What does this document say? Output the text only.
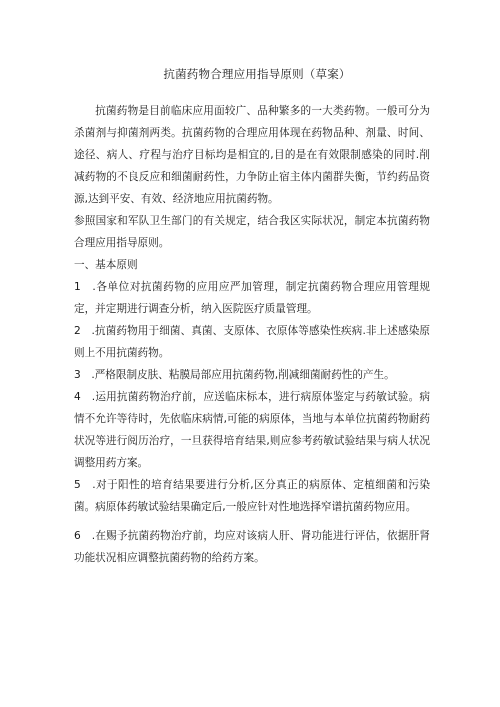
抗菌药物合理应用指导原则（草案）

抗菌药物是目前临床应用面较广、品种繁多的一大类药物。一般可分为杀菌剂与抑菌剂两类。抗菌药物的合理应用体现在药物品种、剂量、时间、途径、病人、疗程与治疗目标均是相宜的,目的是在有效限制感染的同时.削减药物的不良反应和细菌耐药性，力争防止宿主体内菌群失衡，节约药品资源,达到平安、有效、经济地应用抗菌药物。

参照国家和军队卫生部门的有关规定，结合我区实际状况，制定本抗菌药物合理应用指导原则。

一、基本原则

1　.各单位对抗菌药物的应用应严加管理，制定抗菌药物合理应用管理规定，并定期进行调查分析，纳入医院医疗质量管理。

2　.抗菌药物用于细菌、真菌、支原体、衣原体等感染性疾病.非上述感染原则上不用抗菌药物。

3　.严格限制皮肤、粘膜局部应用抗菌药物,削减细菌耐药性的产生。

4　.运用抗菌药物治疗前，应送临床标本，进行病原体鉴定与药敏试验。病情不允许等待时，先依临床病情,可能的病原体，当地与本单位抗菌药物耐药状况等进行阅历治疗，一旦获得培育结果,则应参考药敏试验结果与病人状况调整用药方案。

5　.对于阳性的培育结果要进行分析,区分真正的病原体、定植细菌和污染菌。病原体药敏试验结果确定后,一般应针对性地选择窄谱抗菌药物应用。

6　.在赐予抗菌药物治疗前，均应对该病人肝、肾功能进行评估，依据肝肾功能状况相应调整抗菌药物的给药方案。
